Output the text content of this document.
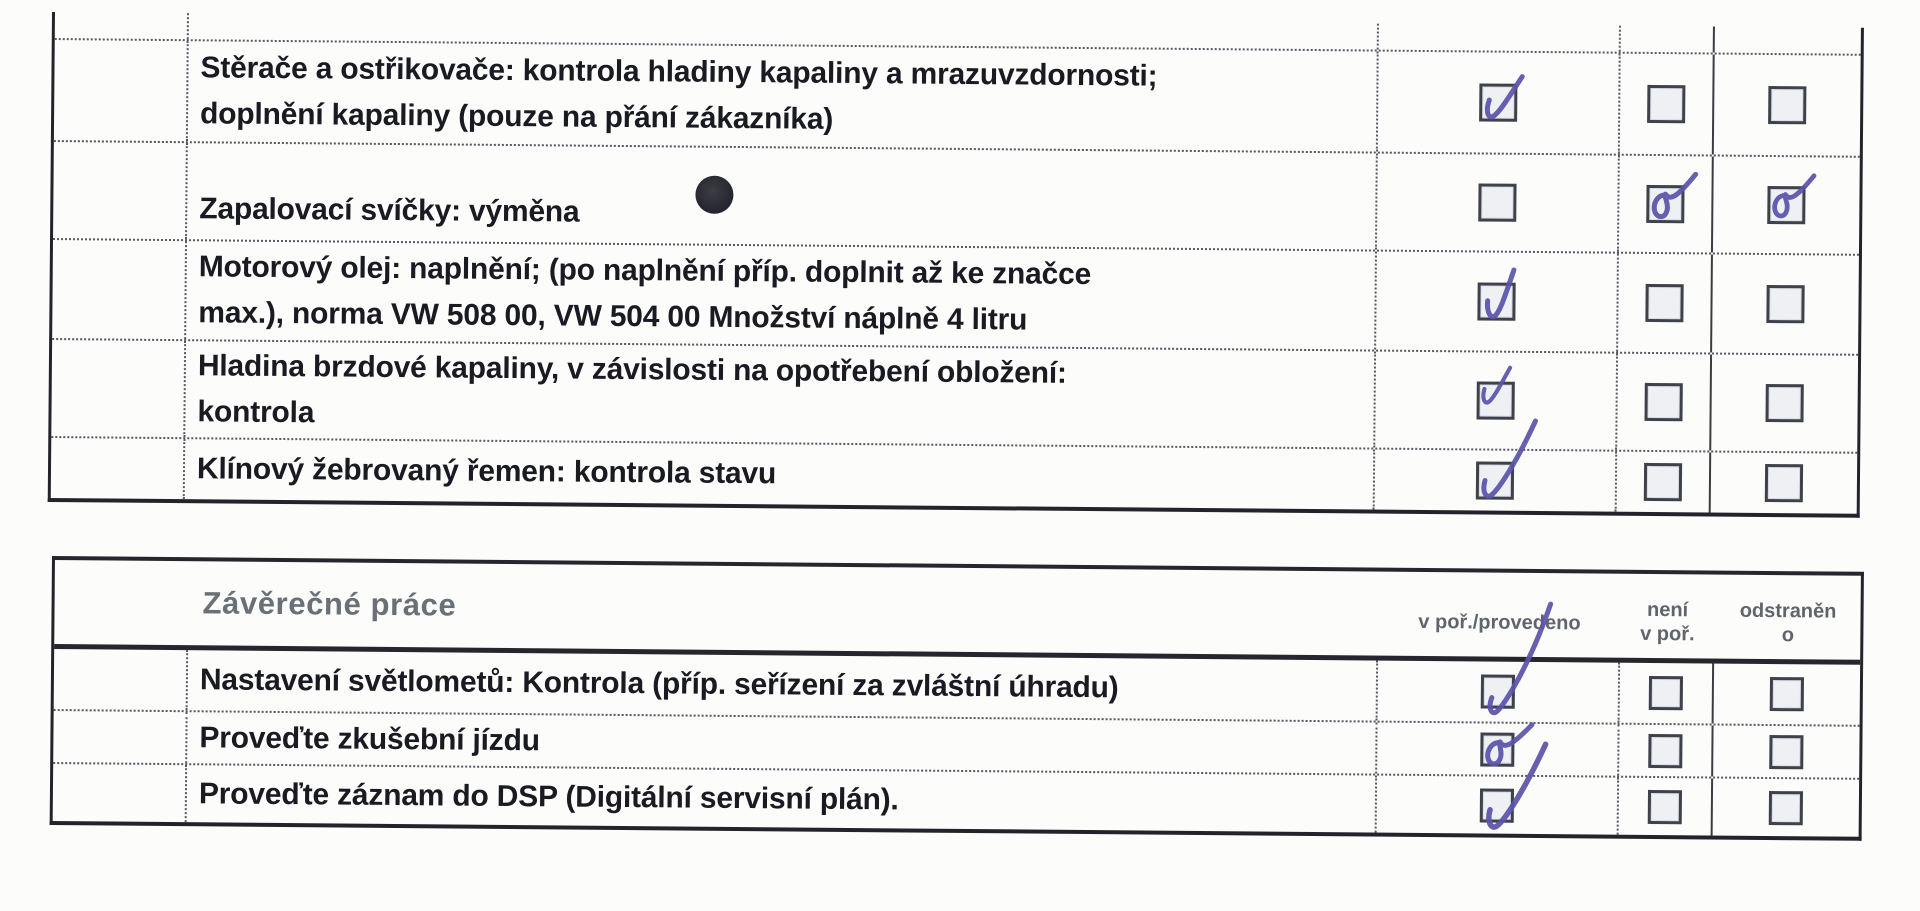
Stěrače a ostřikovače: kontrola hladiny kapaliny a mrazuvzdornosti;
doplnění kapaliny (pouze na přání zákazníka)
Zapalovací svíčky: výměna
Motorový olej: naplnění; (po naplnění příp. doplnit až ke značce
max.), norma VW 508 00, VW 504 00 Množství náplně 4 litru
Hladina brzdové kapaliny, v závislosti na opotřebení obložení:
kontrola
Klínový žebrovaný řemen: kontrola stavu
Závěrečné práce
v poř./provedeno
není
v poř.
odstraněn
o
Nastavení světlometů: Kontrola (příp. seřízení za zvláštní úhradu)
Proveďte zkušební jízdu
Proveďte záznam do DSP (Digitální servisní plán).
